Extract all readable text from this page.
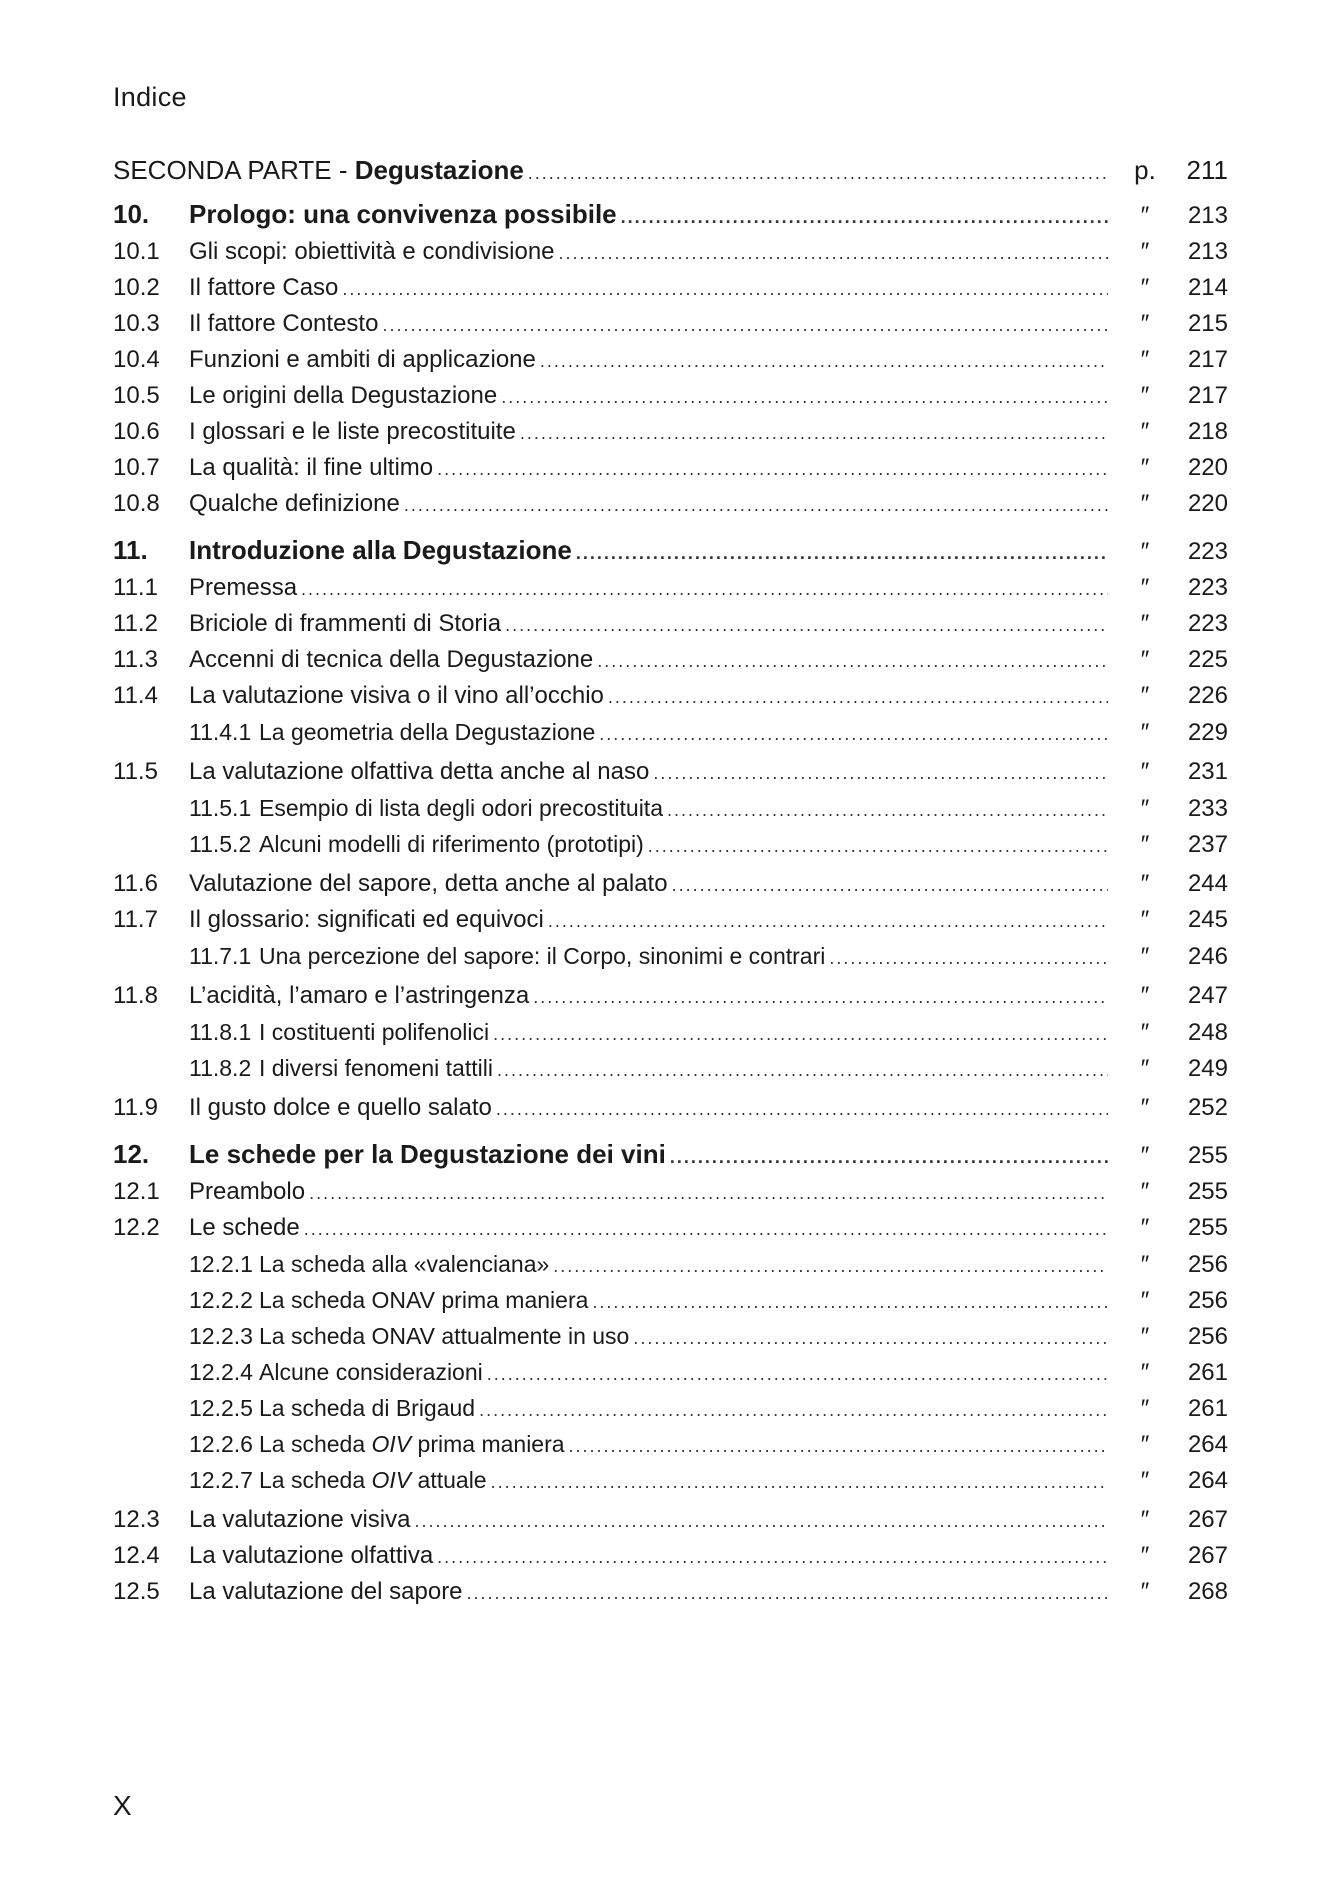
Indice
SECONDA PARTE - Degustazione .....	p.	211
10.	Prologo: una convivenza possibile .....	″	213
10.1	Gli scopi: obiettività e condivisione .....	″	213
10.2	Il fattore Caso .....	″	214
10.3	Il fattore Contesto .....	″	215
10.4	Funzioni e ambiti di applicazione .....	″	217
10.5	Le origini della Degustazione .....	″	217
10.6	I glossari e le liste precostituite .....	″	218
10.7	La qualità: il fine ultimo .....	″	220
10.8	Qualche definizione .....	″	220
11.	Introduzione alla Degustazione .....	″	223
11.1	Premessa .....	″	223
11.2	Briciole di frammenti di Storia .....	″	223
11.3	Accenni di tecnica della Degustazione .....	″	225
11.4	La valutazione visiva o il vino all’occhio .....	″	226
11.4.1 La geometria della Degustazione .....	″	229
11.5	La valutazione olfattiva detta anche al naso .....	″	231
11.5.1 Esempio di lista degli odori precostituita .....	″	233
11.5.2 Alcuni modelli di riferimento (prototipi) .....	″	237
11.6	Valutazione del sapore, detta anche al palato .....	″	244
11.7	Il glossario: significati ed equivoci .....	″	245
11.7.1 Una percezione del sapore: il Corpo, sinonimi e contrari .....	″	246
11.8	L’acidità, l’amaro e l’astringenza .....	″	247
11.8.1 I costituenti polifenolici .....	″	248
11.8.2 I diversi fenomeni tattili .....	″	249
11.9	Il gusto dolce e quello salato .....	″	252
12.	Le schede per la Degustazione dei vini .....	″	255
12.1	Preambolo .....	″	255
12.2	Le schede .....	″	255
12.2.1 La scheda alla «valenciana» .....	″	256
12.2.2 La scheda ONAV prima maniera .....	″	256
12.2.3 La scheda ONAV attualmente in uso .....	″	256
12.2.4 Alcune considerazioni .....	″	261
12.2.5 La scheda di Brigaud .....	″	261
12.2.6 La scheda OIV prima maniera .....	″	264
12.2.7 La scheda OIV attuale .....	″	264
12.3	La valutazione visiva .....	″	267
12.4	La valutazione olfattiva .....	″	267
12.5	La valutazione del sapore .....	″	268
X
